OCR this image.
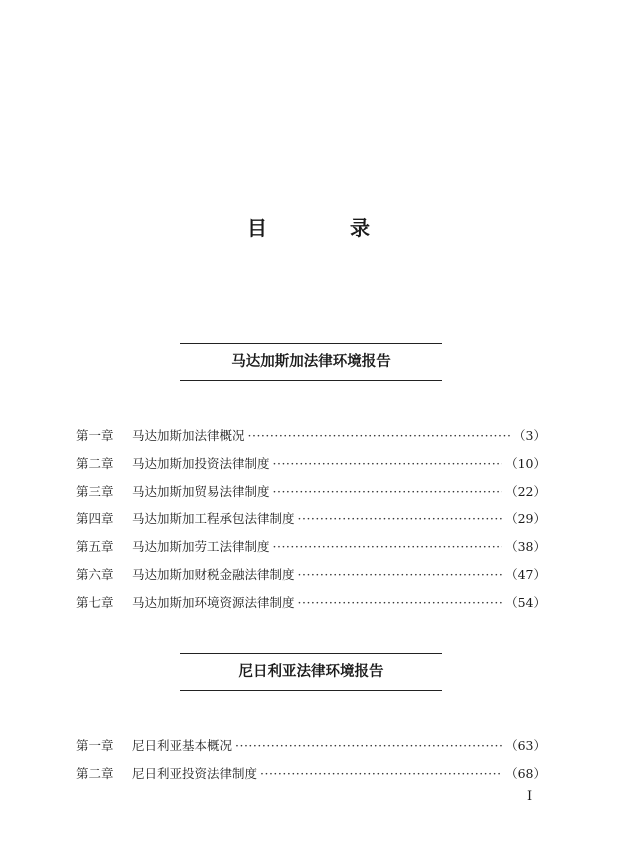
目 录
马达加斯加法律环境报告
第一章	马达加斯加法律概况 ·····	（3）
第二章	马达加斯加投资法律制度 ·····	（10）
第三章	马达加斯加贸易法律制度 ·····	（22）
第四章	马达加斯加工程承包法律制度 ·····	（29）
第五章	马达加斯加劳工法律制度 ·····	（38）
第六章	马达加斯加财税金融法律制度 ·····	（47）
第七章	马达加斯加环境资源法律制度 ·····	（54）
尼日利亚法律环境报告
第一章	尼日利亚基本概况 ·····	（63）
第二章	尼日利亚投资法律制度 ·····	（68）
I
